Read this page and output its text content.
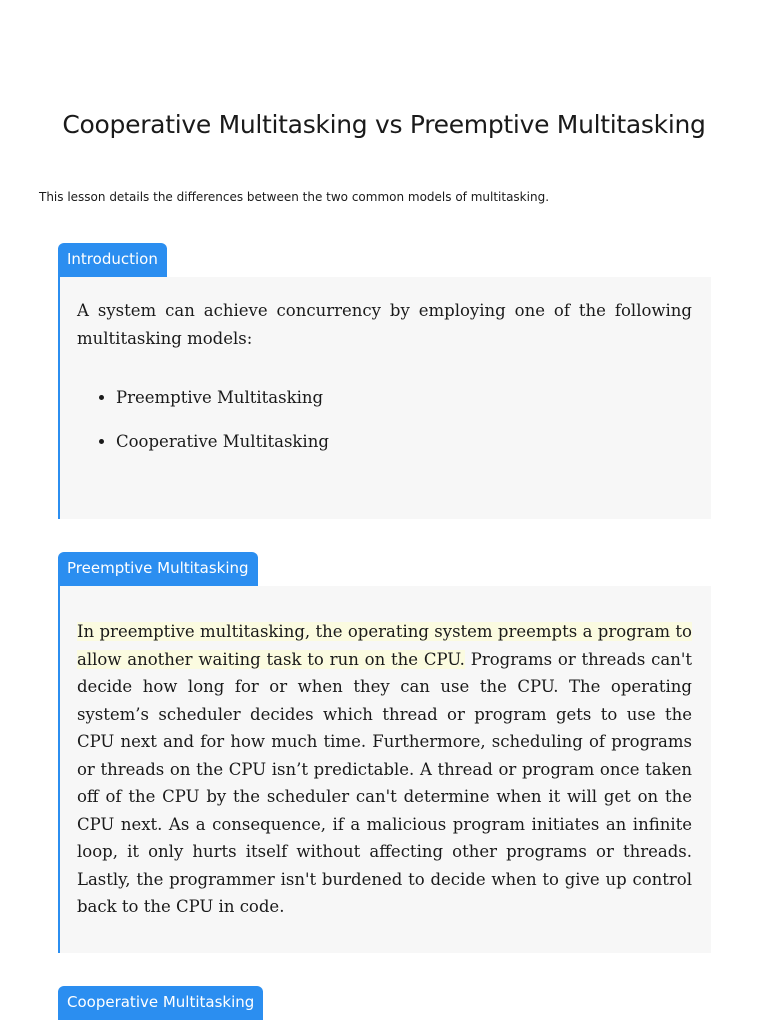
Cooperative Multitasking vs Preemptive Multitasking

This lesson details the differences between the two common models of multitasking.

Introduction

A system can achieve concurrency by employing one of the following multitasking models:

• Preemptive Multitasking
• Cooperative Multitasking
Preemptive Multitasking

In preemptive multitasking, the operating system preempts a program to allow another waiting task to run on the CPU. Programs or threads can't decide how long for or when they can use the CPU. The operating system’s scheduler decides which thread or program gets to use the CPU next and for how much time. Furthermore, scheduling of programs or threads on the CPU isn’t predictable. A thread or program once taken off of the CPU by the scheduler can't determine when it will get on the CPU next. As a consequence, if a malicious program initiates an infinite loop, it only hurts itself without affecting other programs or threads. Lastly, the programmer isn't burdened to decide when to give up control back to the CPU in code.

Cooperative Multitasking
